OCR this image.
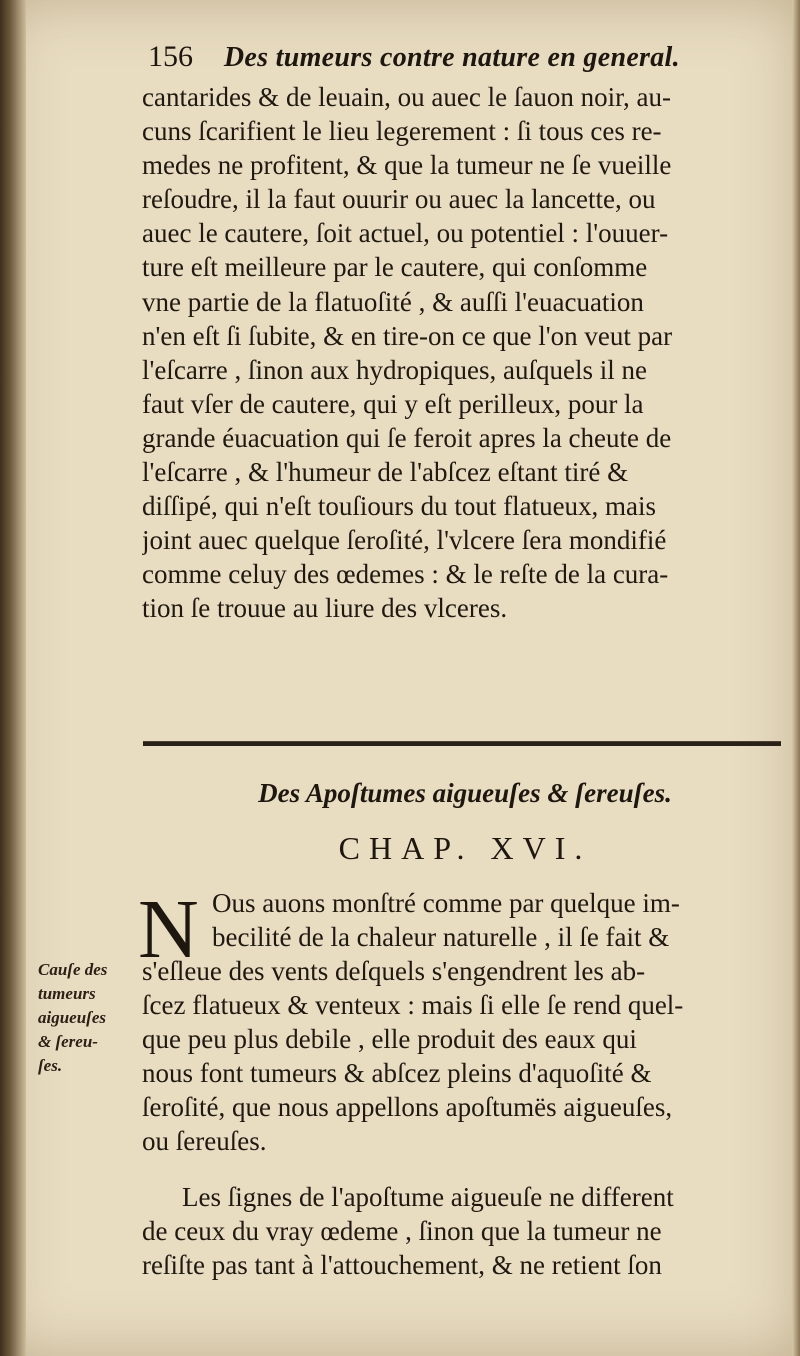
156 Des tumeurs contre nature en general.
cantarides & de leuain, ou auec le ſauon noir, au-
cuns ſcarifient le lieu legerement : ſi tous ces re-
medes ne profitent, & que la tumeur ne ſe vueille
reſoudre, il la faut ouurir ou auec la lancette, ou
auec le cautere, ſoit actuel, ou potentiel : l'ouuer-
ture eſt meilleure par le cautere, qui conſomme
vne partie de la flatuoſité , & auſſi l'euacuation
n'en eſt ſi ſubite, & en tire-on ce que l'on veut par
l'eſcarre , ſinon aux hydropiques, auſquels il ne
faut vſer de cautere, qui y eſt perilleux, pour la
grande éuacuation qui ſe feroit apres la cheute de
l'eſcarre , & l'humeur de l'abſcez eſtant tiré &
diſſipé, qui n'eſt touſiours du tout flatueux, mais
joint auec quelque ſeroſité, l'vlcere ſera mondifié
comme celuy des œdemes : & le reſte de la cura-
tion ſe trouue au liure des vlceres.
Des Apoſtumes aigueuſes & ſereuſes.
CHAP. XVI.
N Ous auons monſtré comme par quelque im-
becilité de la chaleur naturelle , il ſe fait &
s'eſleue des vents deſquels s'engendrent les ab-
ſcez flatueux & venteux : mais ſi elle ſe rend quel-
que peu plus debile , elle produit des eaux qui
nous font tumeurs & abſcez pleins d'aquoſité &
ſeroſité, que nous appellons apoſtumës aigueuſes,
ou ſereuſes.
Les ſignes de l'apoſtume aigueuſe ne different
de ceux du vray œdeme , ſinon que la tumeur ne
reſiſte pas tant à l'attouchement, & ne retient ſon
Cauſe des
tumeurs
aigueuſes
& ſereu-
ſes.
